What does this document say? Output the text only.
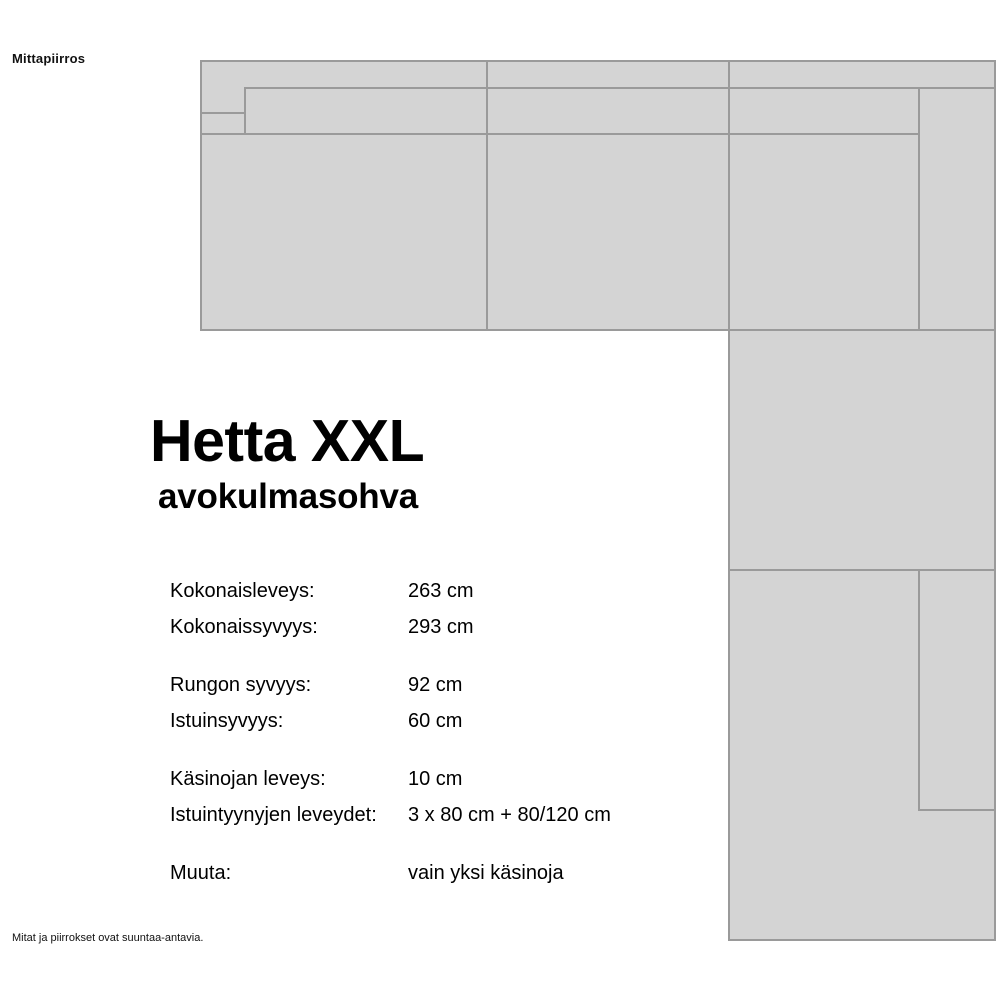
Mittapiirros
Hetta XXL
avokulmasohva
Kokonaisleveys:	263 cm
Kokonaissyvyys:	293 cm

Rungon syvyys:	92 cm
Istuinsyvyys:	60 cm

Käsinojan leveys:	10 cm
Istuintyynyjen leveydet:	3 x 80 cm + 80/120 cm

Muuta:	vain yksi käsinoja
Mitat ja piirrokset ovat suuntaa-antavia.
